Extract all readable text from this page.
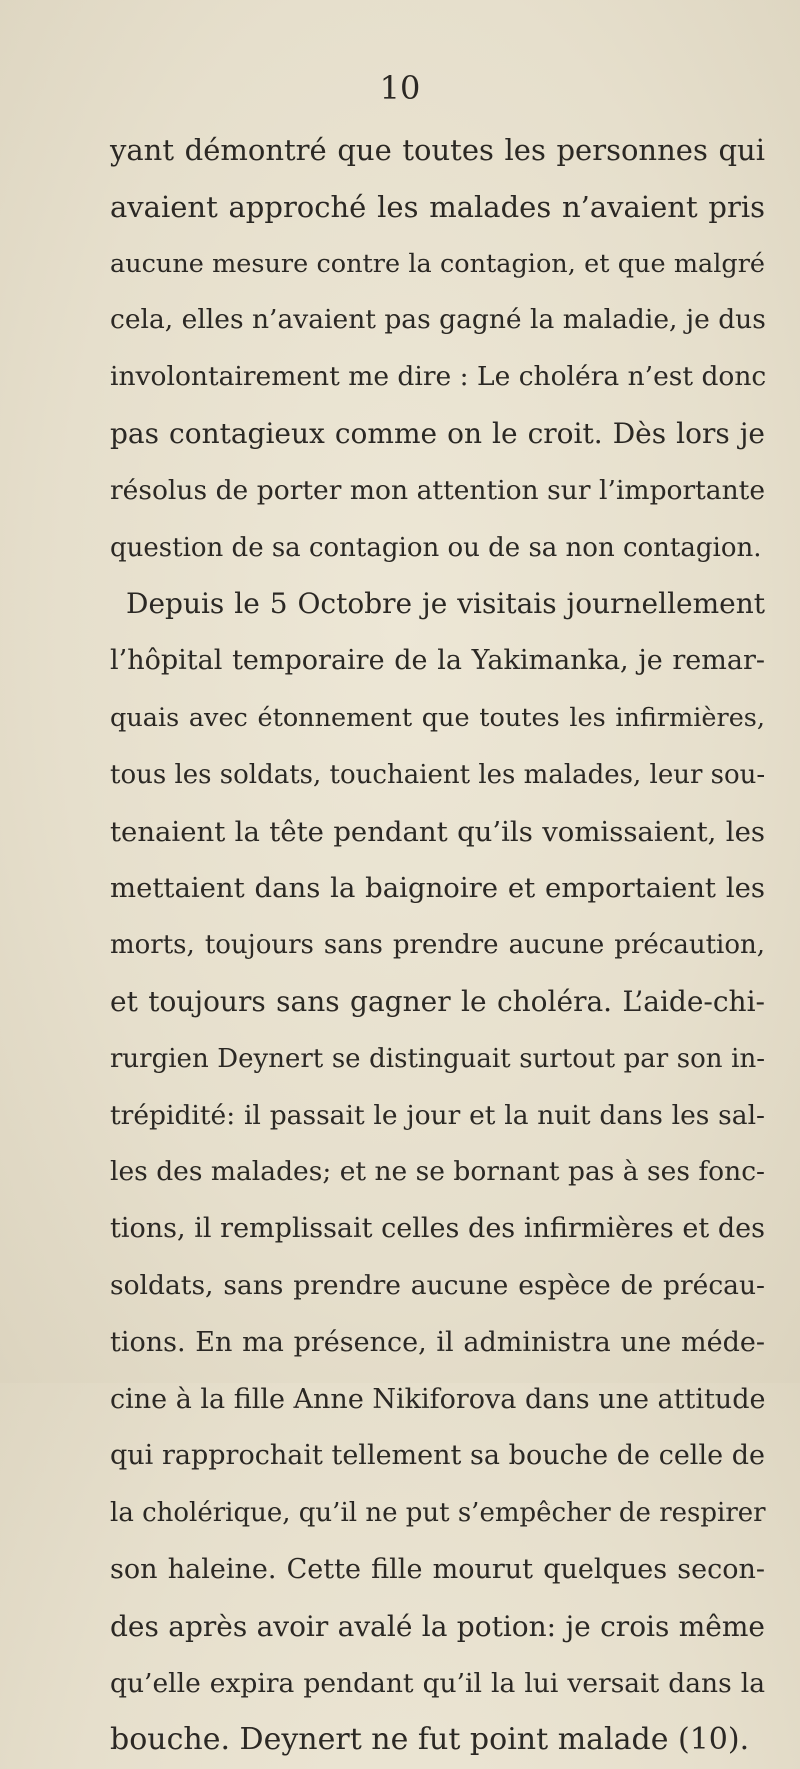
10
yant démontré que toutes les personnes qui
avaient approché les malades n’avaient pris
aucune mesure contre la contagion, et que malgré
cela, elles n’avaient pas gagné la maladie, je dus
involontairement me dire : Le choléra n’est donc
pas contagieux comme on le croit. Dès lors je
résolus de porter mon attention sur l’importante
question de sa contagion ou de sa non contagion.
Depuis le 5 Octobre je visitais journellement
l’hôpital temporaire de la Yakimanka, je remar-
quais avec étonnement que toutes les infirmières,
tous les soldats, touchaient les malades, leur sou-
tenaient la tête pendant qu’ils vomissaient, les
mettaient dans la baignoire et emportaient les
morts, toujours sans prendre aucune précaution,
et toujours sans gagner le choléra. L’aide-chi-
rurgien Deynert se distinguait surtout par son in-
trépidité: il passait le jour et la nuit dans les sal-
les des malades; et ne se bornant pas à ses fonc-
tions, il remplissait celles des infirmières et des
soldats, sans prendre aucune espèce de précau-
tions. En ma présence, il administra une méde-
cine à la fille Anne Nikiforova dans une attitude
qui rapprochait tellement sa bouche de celle de
la cholérique, qu’il ne put s’empêcher de respirer
son haleine. Cette fille mourut quelques secon-
des après avoir avalé la potion: je crois même
qu’elle expira pendant qu’il la lui versait dans la
bouche. Deynert ne fut point malade (10).
